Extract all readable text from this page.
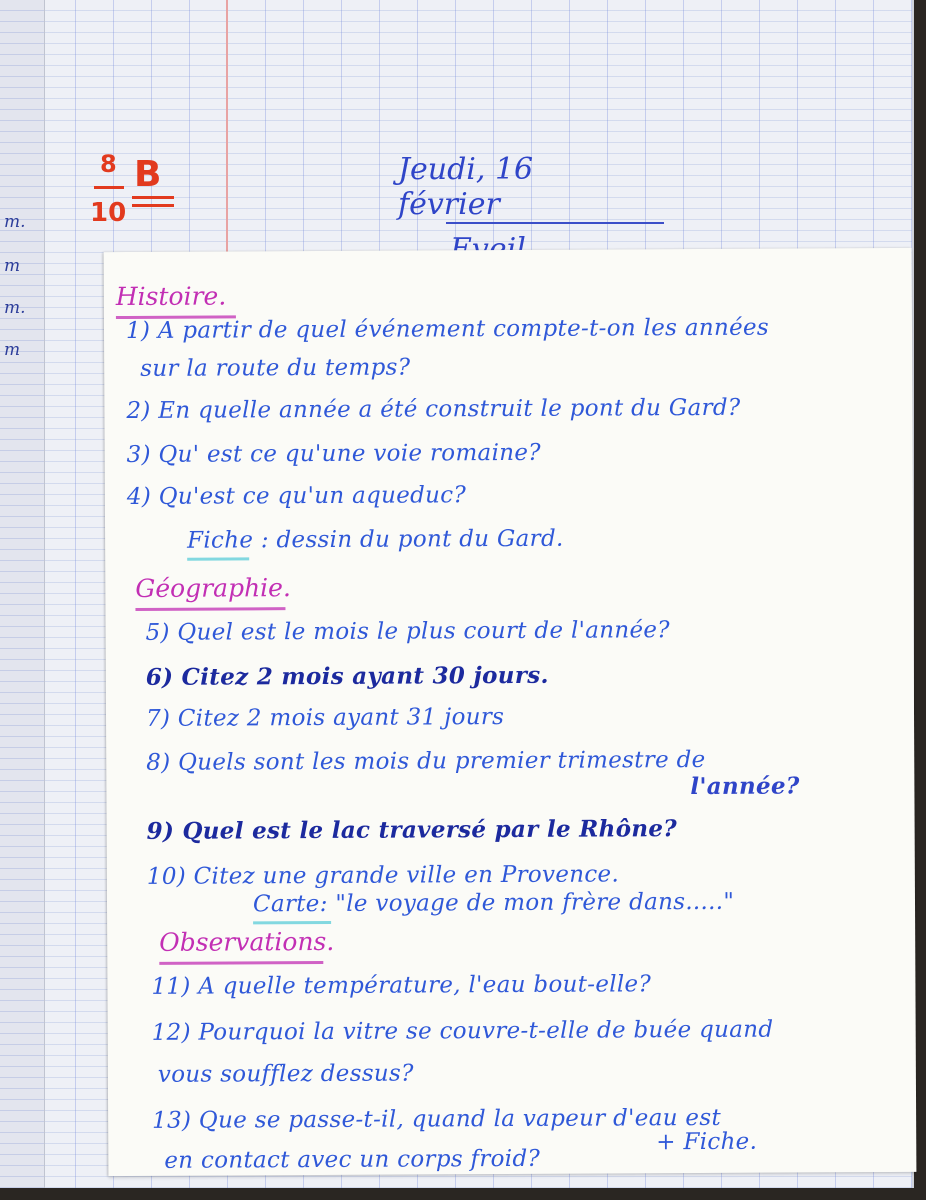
m.
m
m.
m
8
10
B	Jeudi, 16 février
Histoire.
1) A partir de quel événement compte-t-on les années
sur la route du temps?
2) En quelle année a été construit le pont du Gard?
3) Qu' est ce qu'une voie romaine?
4) Qu'est ce qu'un aqueduc?
Fiche : dessin du pont du Gard.
Géographie.
5) Quel est le mois le plus court de l'année?
6) Citez 2 mois ayant 30 jours.
7) Citez 2 mois ayant 31 jours
8) Quels sont les mois du premier trimestre de
l'année?
9) Quel est le lac traversé par le Rhône?
10) Citez une grande ville en Provence.
Carte: "le voyage de mon frère dans....."
Observations.
11) A quelle température, l'eau bout-elle?
12) Pourquoi la vitre se couvre-t-elle de buée quand
vous soufflez dessus?
13) Que se passe-t-il, quand la vapeur d'eau est
en contact avec un corps froid?
+ Fiche.
